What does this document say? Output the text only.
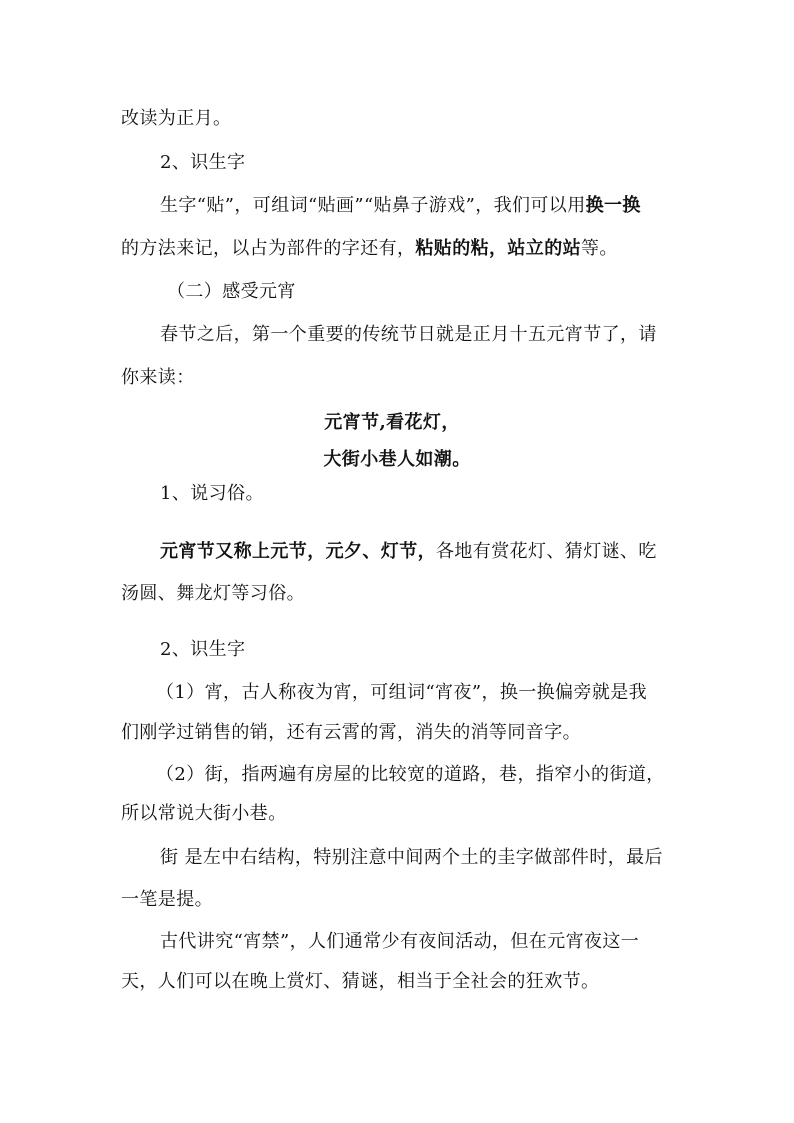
改读为正月。
2、识生字
生字“贴”，可组词“贴画”“贴鼻子游戏”，我们可以用换一换
的方法来记，以占为部件的字还有，粘贴的粘，站立的站等。
（二）感受元宵
春节之后，第一个重要的传统节日就是正月十五元宵节了，请
你来读：
元宵节,看花灯，
大街小巷人如潮。
1、说习俗。
元宵节又称上元节，元夕、灯节，各地有赏花灯、猜灯谜、吃
汤圆、舞龙灯等习俗。
2、识生字
（1）宵，古人称夜为宵，可组词“宵夜”，换一换偏旁就是我
们刚学过销售的销，还有云霄的霄，消失的消等同音字。
（2）街，指两遍有房屋的比较宽的道路，巷，指窄小的街道，
所以常说大街小巷。
街 是左中右结构，特别注意中间两个土的圭字做部件时，最后
一笔是提。
古代讲究“宵禁”，人们通常少有夜间活动，但在元宵夜这一
天，人们可以在晚上赏灯、猜谜，相当于全社会的狂欢节。
